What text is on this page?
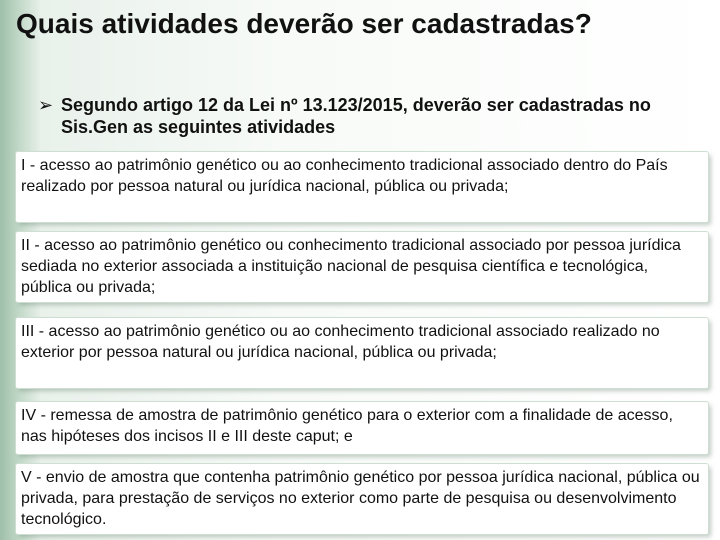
Quais atividades deverão ser cadastradas?
➢ Segundo artigo 12 da Lei nº 13.123/2015, deverão ser cadastradas no Sis.Gen as seguintes atividades
I - acesso ao patrimônio genético ou ao conhecimento tradicional associado dentro do País realizado por pessoa natural ou jurídica nacional, pública ou privada;
II - acesso ao patrimônio genético ou conhecimento tradicional associado por pessoa jurídica sediada no exterior associada a instituição nacional de pesquisa científica e tecnológica, pública ou privada;
III - acesso ao patrimônio genético ou ao conhecimento tradicional associado realizado no exterior por pessoa natural ou jurídica nacional, pública ou privada;
IV - remessa de amostra de patrimônio genético para o exterior com a finalidade de acesso, nas hipóteses dos incisos II e III deste caput; e
V - envio de amostra que contenha patrimônio genético por pessoa jurídica nacional, pública ou privada, para prestação de serviços no exterior como parte de pesquisa ou desenvolvimento tecnológico.
